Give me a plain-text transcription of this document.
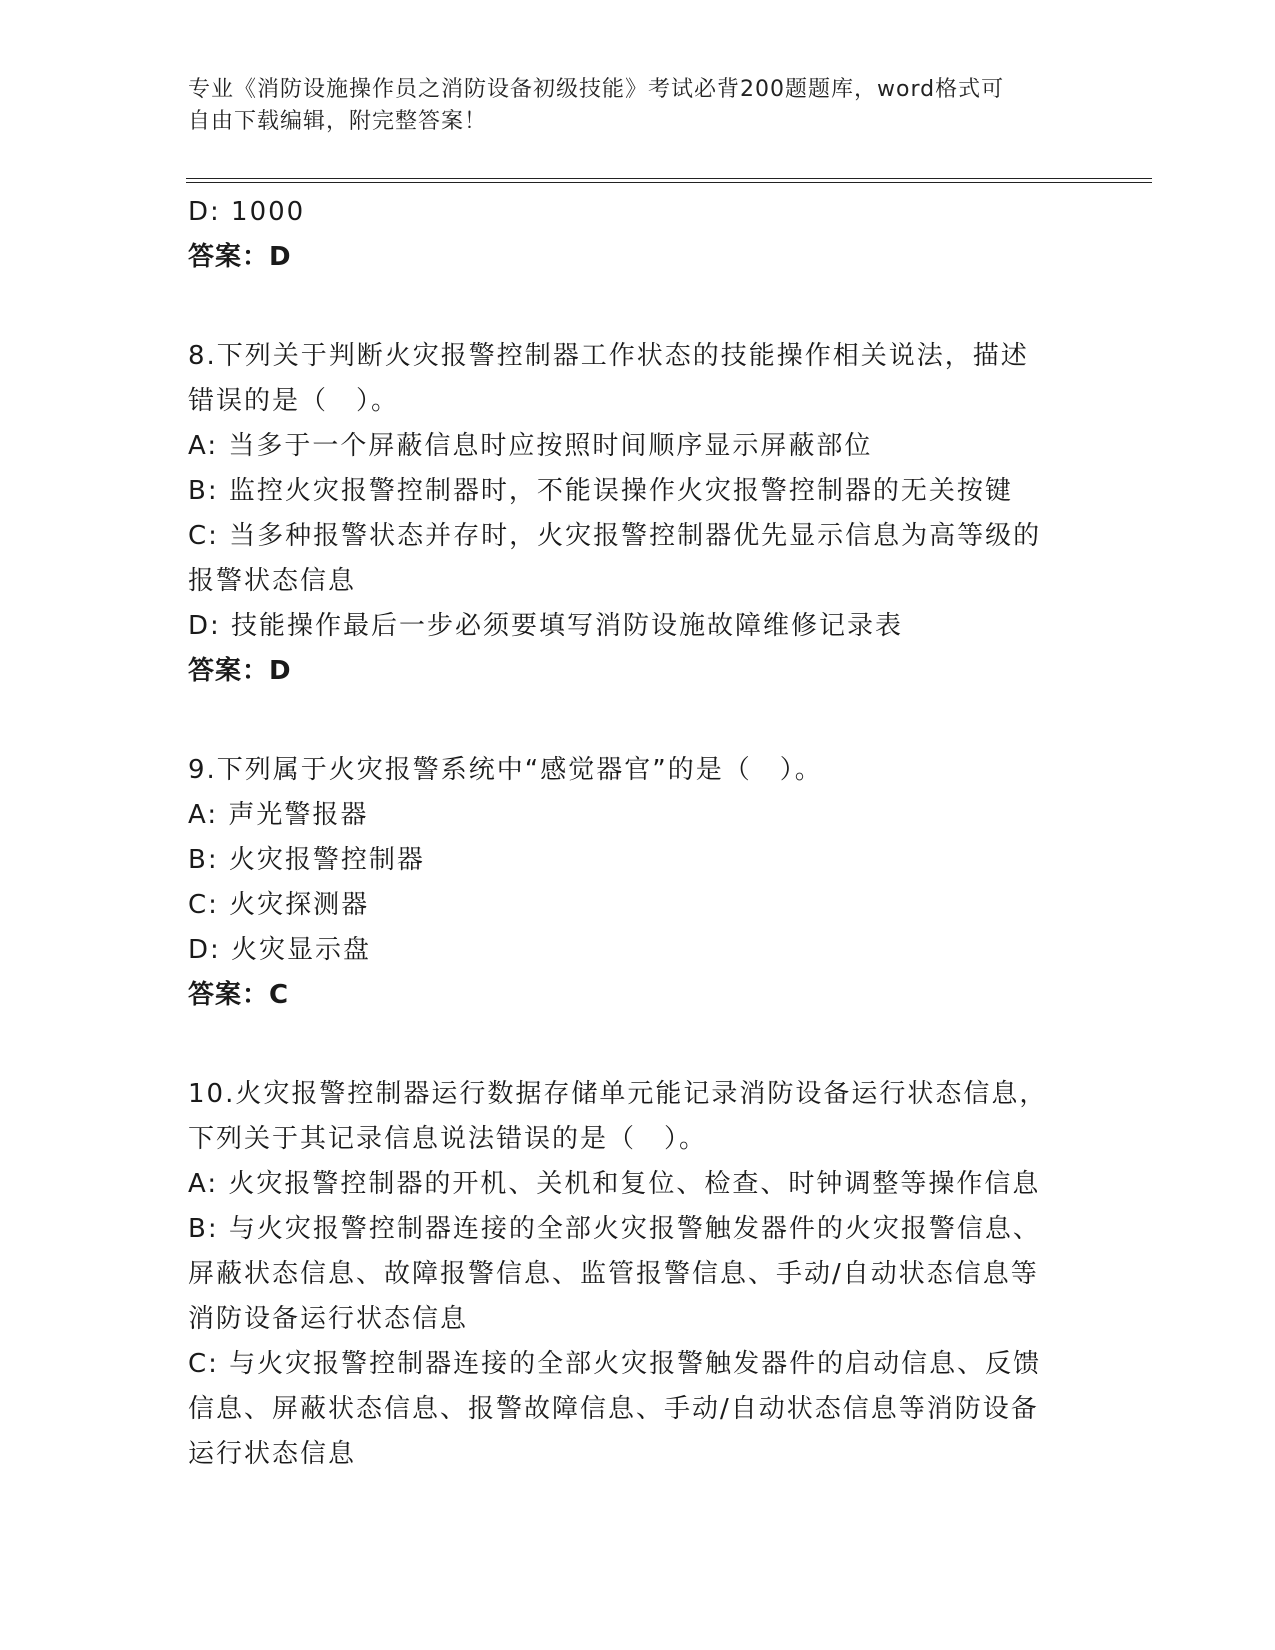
专业《消防设施操作员之消防设备初级技能》考试必背200题题库，word格式可
自由下载编辑，附完整答案！
D: 1000
答案：D
8.下列关于判断火灾报警控制器工作状态的技能操作相关说法，描述
错误的是（　）。
A: 当多于一个屏蔽信息时应按照时间顺序显示屏蔽部位
B: 监控火灾报警控制器时，不能误操作火灾报警控制器的无关按键
C: 当多种报警状态并存时，火灾报警控制器优先显示信息为高等级的
报警状态信息
D: 技能操作最后一步必须要填写消防设施故障维修记录表
答案：D
9.下列属于火灾报警系统中“感觉器官”的是（　）。
A: 声光警报器
B: 火灾报警控制器
C: 火灾探测器
D: 火灾显示盘
答案：C
10.火灾报警控制器运行数据存储单元能记录消防设备运行状态信息，
下列关于其记录信息说法错误的是（　）。
A: 火灾报警控制器的开机、关机和复位、检查、时钟调整等操作信息
B: 与火灾报警控制器连接的全部火灾报警触发器件的火灾报警信息、
屏蔽状态信息、故障报警信息、监管报警信息、手动/自动状态信息等
消防设备运行状态信息
C: 与火灾报警控制器连接的全部火灾报警触发器件的启动信息、反馈
信息、屏蔽状态信息、报警故障信息、手动/自动状态信息等消防设备
运行状态信息
